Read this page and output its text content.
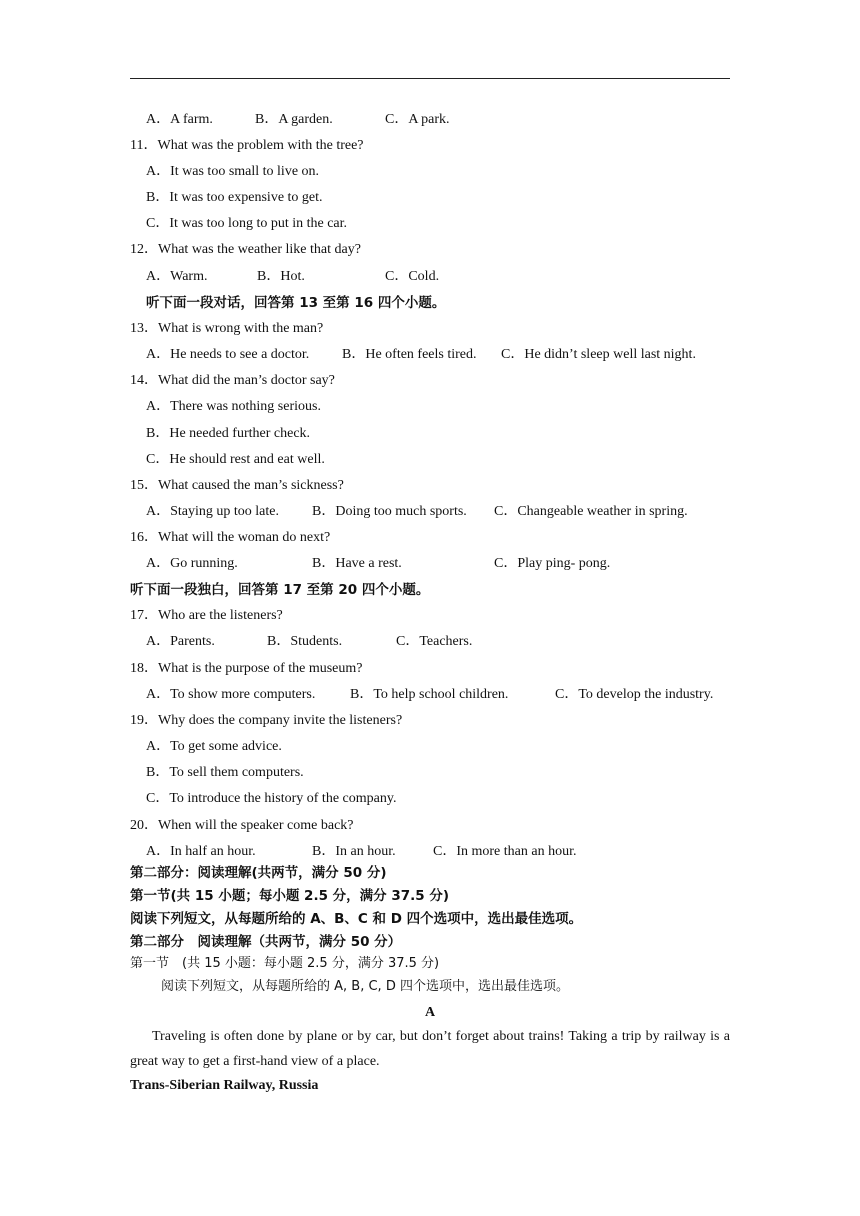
A．A farm.	B．A garden.	C．A park.
11．What was the problem with the tree?
A．It was too small to live on.
B．It was too expensive to get.
C．It was too long to put in the car.
12．What was the weather like that day?
A．Warm.	B．Hot.	C．Cold.
听下面一段对话，回答第 13 至第 16 四个小题。
13．What is wrong with the man?
A．He needs to see a doctor. B．He often feels tired. C．He didn’t sleep well last night.
14．What did the man’s doctor say?
A．There was nothing serious.
B．He needed further check.
C．He should rest and eat well.
15．What caused the man’s sickness?
A．Staying up too late. B．Doing too much sports. C．Changeable weather in spring.
16．What will the woman do next?
A．Go running.	B．Have a rest.	C．Play ping- pong.
听下面一段独白，回答第 17 至第 20 四个小题。
17．Who are the listeners?
A．Parents.	B．Students.	C．Teachers.
18．What is the purpose of the museum?
A．To show more computers. B．To help school children.	C．To develop the industry.
19．Why does the company invite the listeners?
A．To get some advice.
B．To sell them computers.
C．To introduce the history of the company.
20．When will the speaker come back?
A．In half an hour.	B．In an hour.	C．In more than an hour.
第二部分：阅读理解(共两节，满分 50 分)
第一节(共 15 小题；每小题 2.5 分，满分 37.5 分)
阅读下列短文，从每题所给的 A、B、C 和 D 四个选项中，选出最佳选项。
第二部分　阅读理解（共两节，满分 50 分）
第一节　(共 15 小题：每小题 2.5 分，满分 37.5 分)
阅读下列短文，从每题所给的 A, B, C, D 四个选项中，选出最佳选项。
A
Traveling is often done by plane or by car, but don’t forget about trains! Taking a trip by railway is a great way to get a first-hand view of a place.
Trans-Siberian Railway, Russia
